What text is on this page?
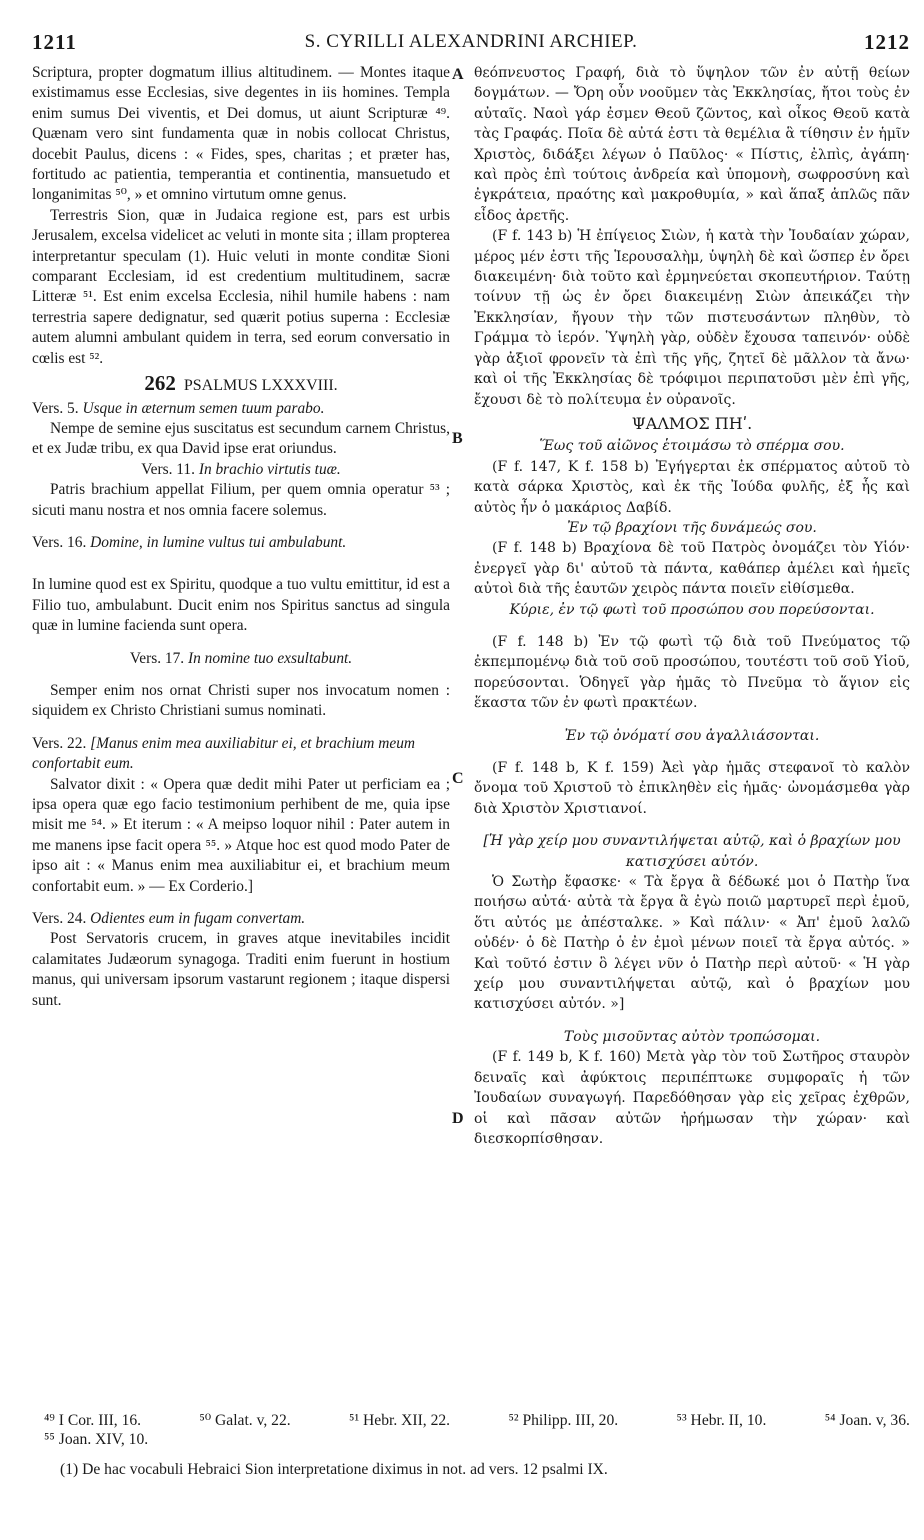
1211	S. CYRILLI ALEXANDRINI ARCHIEP.	1212

Scriptura, propter dogmatum illius altitudinem. — Montes itaque existimamus esse Ecclesias, sive degentes in iis homines. Templa enim sumus Dei viventis, et Dei domus, ut aiunt Scripturæ ⁴⁹. Quænam vero sint fundamenta quæ in nobis collocat Christus, docebit Paulus, dicens : « Fides, spes, charitas ; et præter has, fortitudo ac patientia, temperantia et continentia, mansuetudo et longanimitas ⁵⁰, » et omnino virtutum omne genus.

Terrestris Sion, quæ in Judaica regione est, pars est urbis Jerusalem, excelsa videlicet ac veluti in monte sita ; illam propterea interpretantur speculam (1). Huic veluti in monte conditæ Sioni comparant Ecclesiam, id est credentium multitudinem, sacræ Litteræ ⁵¹. Est enim excelsa Ecclesia, nihil humile habens : nam terrestria sapere dedignatur, sed quærit potius superna : Ecclesiæ autem alumni ambulant quidem in terra, sed eorum conversatio in cœlis est ⁵².

262 PSALMUS LXXXVIII.

Vers. 5. Usque in æternum semen tuum parabo.

Nempe de semine ejus suscitatus est secundum carnem Christus, et ex Judæ tribu, ex qua David ipse erat oriundus.

Vers. 11. In brachio virtutis tuæ.

Patris brachium appellat Filium, per quem omnia operatur ⁵³ ; sicuti manu nostra et nos omnia facere solemus.

Vers. 16. Domine, in lumine vultus tui ambulabunt.

In lumine quod est ex Spiritu, quodque a tuo vultu emittitur, id est a Filio tuo, ambulabunt. Ducit enim nos Spiritus sanctus ad singula quæ in lumine facienda sunt opera.

Vers. 17. In nomine tuo exsultabunt.

Semper enim nos ornat Christi super nos invocatum nomen : siquidem ex Christo Christiani sumus nominati.

Vers. 22. [Manus enim mea auxiliabitur ei, et brachium meum confortabit eum.

Salvator dixit : « Opera quæ dedit mihi Pater ut perficiam ea ; ipsa opera quæ ego facio testimonium perhibent de me, quia ipse misit me ⁵⁴. » Et iterum : « A meipso loquor nihil : Pater autem in me manens ipse facit opera ⁵⁵. » Atque hoc est quod modo Pater de ipso ait : « Manus enim mea auxiliabitur ei, et brachium meum confortabit eum. » — Ex Corderio.]

Vers. 24. Odientes eum in fugam convertam.

Post Servatoris crucem, in graves atque inevitabiles incidit calamitates Judæorum synagoga. Traditi enim fuerunt in hostium manus, qui universam ipsorum vastarunt regionem ; itaque dispersi sunt.

A
B
C
D

θεόπνευστος Γραφή, διὰ τὸ ὕψηλον τῶν ἐν αὐτῇ θείων δογμάτων. — Ὄρη οὖν νοοῦμεν τὰς Ἐκκλησίας, ἤτοι τοὺς ἐν αὐταῖς. Ναοὶ γάρ ἐσμεν Θεοῦ ζῶντος, καὶ οἶκος Θεοῦ κατὰ τὰς Γραφάς. Ποῖα δὲ αὐτά ἐστι τὰ θεμέλια ἃ τίθησιν ἐν ἡμῖν Χριστὸς, διδάξει λέγων ὁ Παῦλος· « Πίστις, ἐλπὶς, ἀγάπη· καὶ πρὸς ἐπὶ τούτοις ἀνδρεία καὶ ὑπομονὴ, σωφροσύνη καὶ ἐγκράτεια, πραότης καὶ μακροθυμία, » καὶ ἅπαξ ἁπλῶς πᾶν εἶδος ἀρετῆς.

(F f. 143 b) Ἡ ἐπίγειος Σιὼν, ἡ κατὰ τὴν Ἰουδαίαν χώραν, μέρος μέν ἐστι τῆς Ἱερουσαλὴμ, ὑψηλὴ δὲ καὶ ὥσπερ ἐν ὄρει διακειμένη· διὰ τοῦτο καὶ ἑρμηνεύεται σκοπευτήριον. Ταύτῃ τοίνυν τῇ ὡς ἐν ὄρει διακειμένῃ Σιὼν ἀπεικάζει τὴν Ἐκκλησίαν, ἤγουν τὴν τῶν πιστευσάντων πληθὺν, τὸ Γράμμα τὸ ἱερόν. Ὑψηλὴ γὰρ, οὐδὲν ἔχουσα ταπεινόν· οὐδὲ γὰρ ἀξιοῖ φρονεῖν τὰ ἐπὶ τῆς γῆς, ζητεῖ δὲ μᾶλλον τὰ ἄνω· καὶ οἱ τῆς Ἐκκλησίας δὲ τρόφιμοι περιπατοῦσι μὲν ἐπὶ γῆς, ἔχουσι δὲ τὸ πολίτευμα ἐν οὐρανοῖς.

ΨΑΛΜΟΣ ΠΗʹ.

Ἕως τοῦ αἰῶνος ἑτοιμάσω τὸ σπέρμα σου.

(F f. 147, K f. 158 b) Ἐγήγερται ἐκ σπέρματος αὐτοῦ τὸ κατὰ σάρκα Χριστὸς, καὶ ἐκ τῆς Ἰούδα φυλῆς, ἐξ ἧς καὶ αὐτὸς ἦν ὁ μακάριος Δαβίδ.

Ἐν τῷ βραχίονι τῆς δυνάμεώς σου.

(F f. 148 b) Βραχίονα δὲ τοῦ Πατρὸς ὀνομάζει τὸν Υἱόν· ἐνεργεῖ γὰρ δι' αὐτοῦ τὰ πάντα, καθάπερ ἀμέλει καὶ ἡμεῖς αὐτοὶ διὰ τῆς ἑαυτῶν χειρὸς πάντα ποιεῖν εἰθίσμεθα.

Κύριε, ἐν τῷ φωτὶ τοῦ προσώπου σου πορεύσονται.

(F f. 148 b) Ἐν τῷ φωτὶ τῷ διὰ τοῦ Πνεύματος τῷ ἐκπεμπομένῳ διὰ τοῦ σοῦ προσώπου, τουτέστι τοῦ σοῦ Υἱοῦ, πορεύσονται. Ὁδηγεῖ γὰρ ἡμᾶς τὸ Πνεῦμα τὸ ἅγιον εἰς ἕκαστα τῶν ἐν φωτὶ πρακτέων.

Ἐν τῷ ὀνόματί σου ἀγαλλιάσονται.

(F f. 148 b, K f. 159) Ἀεὶ γὰρ ἡμᾶς στεφανοῖ τὸ καλὸν ὄνομα τοῦ Χριστοῦ τὸ ἐπικληθὲν εἰς ἡμᾶς· ὠνομάσμεθα γὰρ διὰ Χριστὸν Χριστιανοί.

[Ἡ γὰρ χείρ μου συναντιλήψεται αὐτῷ, καὶ ὁ βραχίων μου κατισχύσει αὐτόν.

Ὁ Σωτὴρ ἔφασκε· « Τὰ ἔργα ἃ δέδωκέ μοι ὁ Πατὴρ ἵνα ποιήσω αὐτά· αὐτὰ τὰ ἔργα ἃ ἐγὼ ποιῶ μαρτυρεῖ περὶ ἐμοῦ, ὅτι αὐτός με ἀπέσταλκε. » Καὶ πάλιν· « Ἀπ' ἐμοῦ λαλῶ οὐδέν· ὁ δὲ Πατὴρ ὁ ἐν ἐμοὶ μένων ποιεῖ τὰ ἔργα αὐτός. » Καὶ τοῦτό ἐστιν ὃ λέγει νῦν ὁ Πατὴρ περὶ αὐτοῦ· « Ἡ γὰρ χείρ μου συναντιλήψεται αὐτῷ, καὶ ὁ βραχίων μου κατισχύσει αὐτόν. »]

Τοὺς μισοῦντας αὐτὸν τροπώσομαι.

(F f. 149 b, K f. 160) Μετὰ γὰρ τὸν τοῦ Σωτῆρος σταυρὸν δειναῖς καὶ ἀφύκτοις περιπέπτωκε συμφοραῖς ἡ τῶν Ἰουδαίων συναγωγή. Παρεδόθησαν γὰρ εἰς χεῖρας ἐχθρῶν, οἱ καὶ πᾶσαν αὐτῶν ἠρήμωσαν τὴν χώραν· καὶ διεσκορπίσθησαν.

⁴⁹ I Cor. III, 16.	⁵⁰ Galat. v, 22.	⁵¹ Hebr. XII, 22.	⁵² Philipp. III, 20.	⁵³ Hebr. II, 10.	⁵⁴ Joan. v, 36.
⁵⁵ Joan. XIV, 10.
(1) De hac vocabuli Hebraici Sion interpretatione diximus in not. ad vers. 12 psalmi IX.
